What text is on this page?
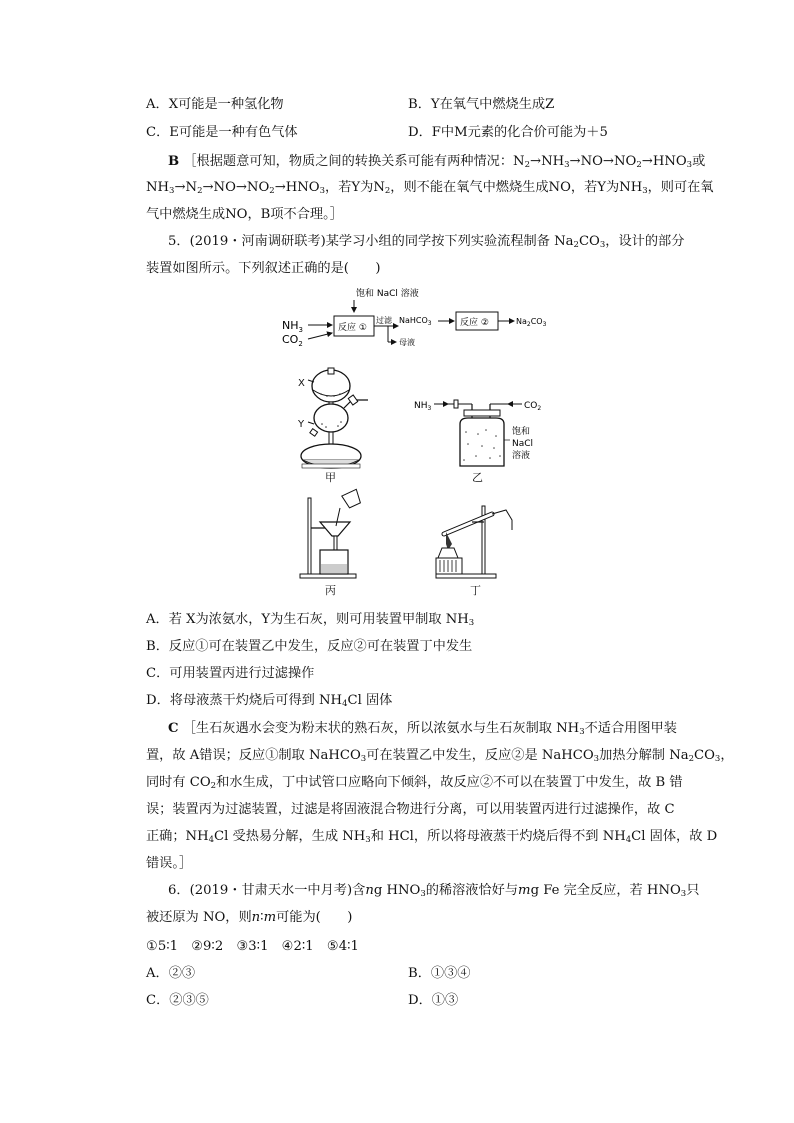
A．X可能是一种氢化物	B．Y在氧气中燃烧生成Z
C．E可能是一种有色气体	D．F中M元素的化合价可能为＋5
B ［根据题意可知，物质之间的转换关系可能有两种情况：$N_2\to NH_3\to NO\to NO_2\to HNO_3$或
$NH_3\to N_2\to NO\to NO_2\to HNO_3$，若Y为$N_2$，则不能在氧气中燃烧生成NO，若Y为$NH_3$，则可在氧
气中燃烧生成NO，B项不合理。］
5．(2019・河南调研联考)某学习小组的同学按下列实验流程制备 $Na_2CO_3$，设计的部分
装置如图所示。下列叙述正确的是(　　)
饱和 NaCl 溶液
$NH_3$
$CO_2$
反应 ①
过滤
母液
NaHCO$_3$	反应 ②	$Na_2CO_3$
X
Y
甲
$NH_3$	$CO_2$
饱和
NaCl
溶液
乙
丙	丁
A．若 X为浓氨水，Y为生石灰，则可用装置甲制取 $NH_3$
B．反应①可在装置乙中发生，反应②可在装置丁中发生
C．可用装置丙进行过滤操作
D．将母液蒸干灼烧后可得到 $NH_4Cl$ 固体
C ［生石灰遇水会变为粉末状的熟石灰，所以浓氨水与生石灰制取 $NH_3$不适合用图甲装
置，故 A错误；反应①制取 NaHCO$_3$可在装置乙中发生，反应②是 NaHCO$_3$加热分解制 $Na_2CO_3$，
同时有 $CO_2$和水生成，丁中试管口应略向下倾斜，故反应②不可以在装置丁中发生，故 B 错
误；装置丙为过滤装置，过滤是将固液混合物进行分离，可以用装置丙进行过滤操作，故 C
正确；$NH_4Cl$ 受热易分解，生成 $NH_3$和 HCl，所以将母液蒸干灼烧后得不到 $NH_4Cl$ 固体，故 D
错误。］
6．(2019・甘肃天水一中月考)含ng $HNO_3$的稀溶液恰好与mg Fe 完全反应，若 $HNO_3$只
被还原为 NO，则n∶m可能为(　　)
①5∶1　②9∶2　③3∶1　④2∶1　⑤4∶1
A．②③	B．①③④
C．②③⑤	D．①③
